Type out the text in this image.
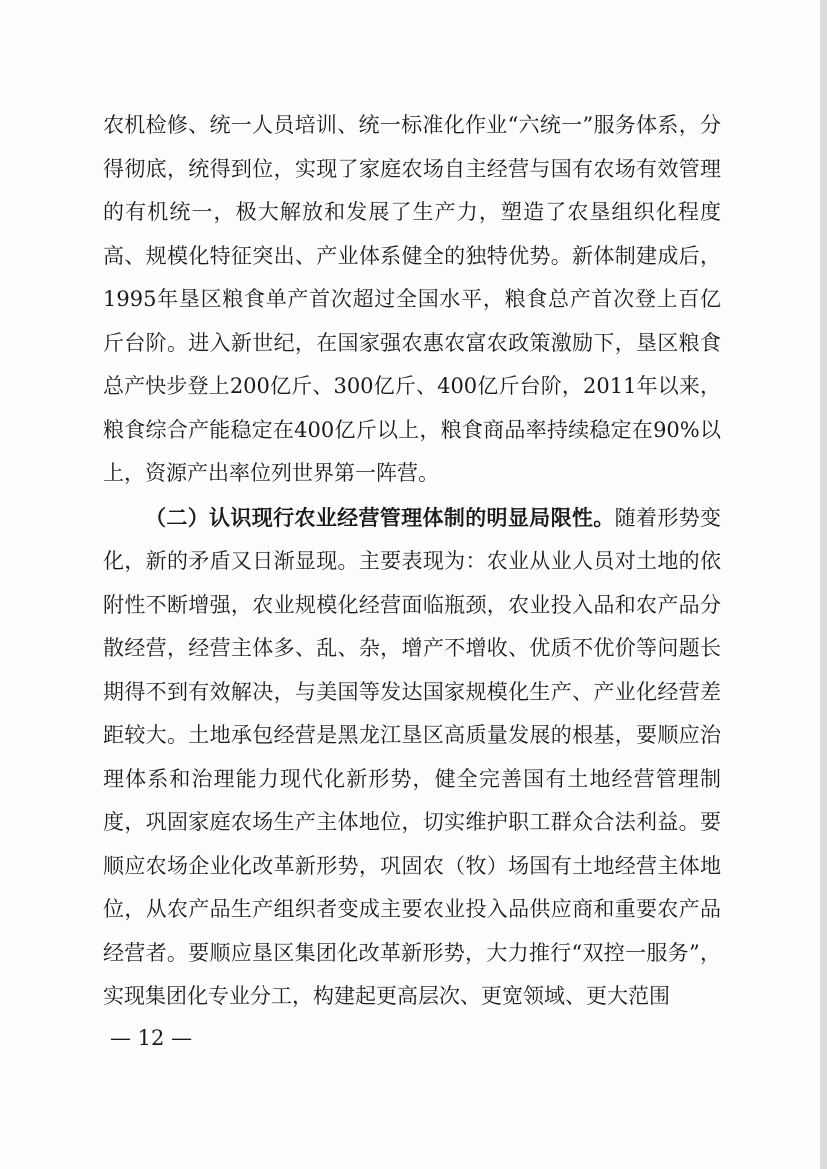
农机检修、统一人员培训、统一标准化作业“六统一”服务体系，分得彻底，统得到位，实现了家庭农场自主经营与国有农场有效管理的有机统一，极大解放和发展了生产力，塑造了农垦组织化程度高、规模化特征突出、产业体系健全的独特优势。新体制建成后，1995年垦区粮食单产首次超过全国水平，粮食总产首次登上百亿斤台阶。进入新世纪，在国家强农惠农富农政策激励下，垦区粮食总产快步登上200亿斤、300亿斤、400亿斤台阶，2011年以来，粮食综合产能稳定在400亿斤以上，粮食商品率持续稳定在90%以上，资源产出率位列世界第一阵营。

（二）认识现行农业经营管理体制的明显局限性。随着形势变化，新的矛盾又日渐显现。主要表现为：农业从业人员对土地的依附性不断增强，农业规模化经营面临瓶颈，农业投入品和农产品分散经营，经营主体多、乱、杂，增产不增收、优质不优价等问题长期得不到有效解决，与美国等发达国家规模化生产、产业化经营差距较大。土地承包经营是黑龙江垦区高质量发展的根基，要顺应治理体系和治理能力现代化新形势，健全完善国有土地经营管理制度，巩固家庭农场生产主体地位，切实维护职工群众合法利益。要顺应农场企业化改革新形势，巩固农（牧）场国有土地经营主体地位，从农产品生产组织者变成主要农业投入品供应商和重要农产品经营者。要顺应垦区集团化改革新形势，大力推行“双控一服务”，实现集团化专业分工，构建起更高层次、更宽领域、更大范围

— 12 —
